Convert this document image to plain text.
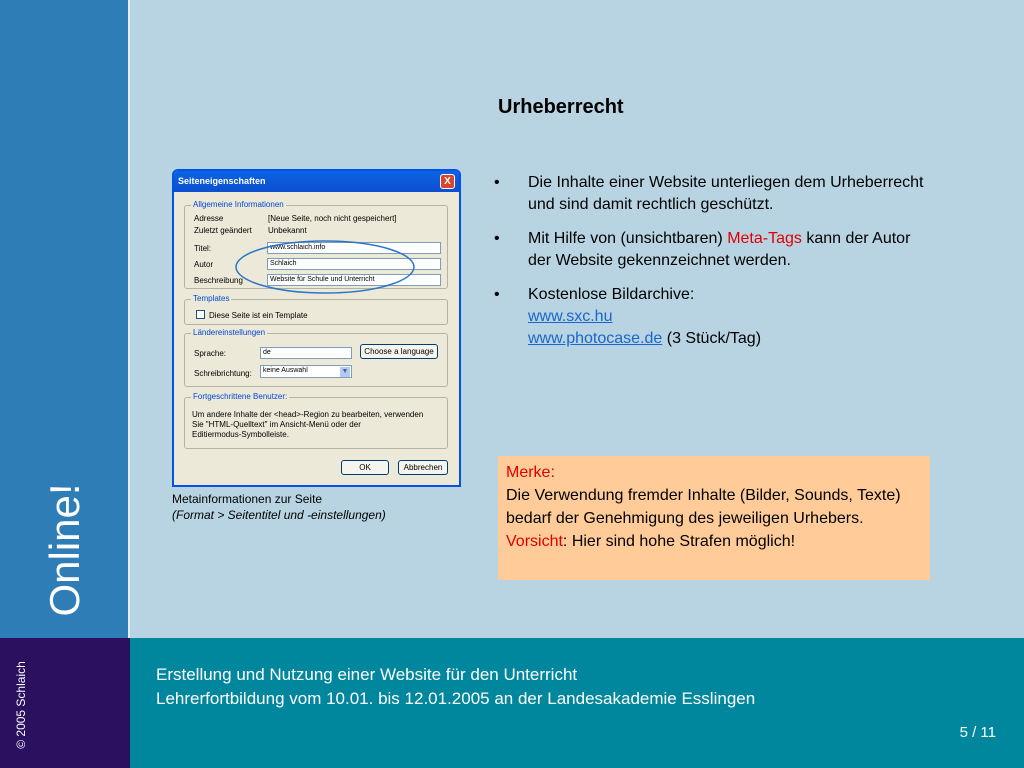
Online!
© 2005 Schlaich	Erstellung und Nutzung einer Website für den Unterricht
Lehrerfortbildung vom 10.01. bis 12.01.2005 an der Landesakademie Esslingen
5 / 11
Urheberrecht
•	Die Inhalte einer Website unterliegen dem Urheberrecht und sind damit rechtlich geschützt.
•	Mit Hilfe von (unsichtbaren) Meta-Tags kann der Autor der Website gekennzeichnet werden.
•	Kostenlose Bildarchive:
www.sxc.hu
www.photocase.de (3 Stück/Tag)
Merke:
Die Verwendung fremder Inhalte (Bilder, Sounds, Texte) bedarf der Genehmigung des jeweiligen Urhebers.
Vorsicht: Hier sind hohe Strafen möglich!
Seiteneigenschaften	X
Allgemeine Informationen
Adresse	[Neue Seite, noch nicht gespeichert]
Zuletzt geändert Unbekannt
Titel:	www.schlaich.info
Autor	Schlaich
Beschreibung	Website für Schule und Unterricht
Templates
Diese Seite ist ein Template
Ländereinstellungen
Sprache:	de	Choose a language
Schreibrichtung:	keine Auswahl	▼
Fortgeschrittene Benutzer:
Um andere Inhalte der <head>-Region zu bearbeiten, verwenden
Sie "HTML-Quelltext" im Ansicht-Menü oder der
Editiermodus-Symbolleiste.
OK	Abbrechen
Metainformationen zur Seite
(Format > Seitentitel und -einstellungen)
